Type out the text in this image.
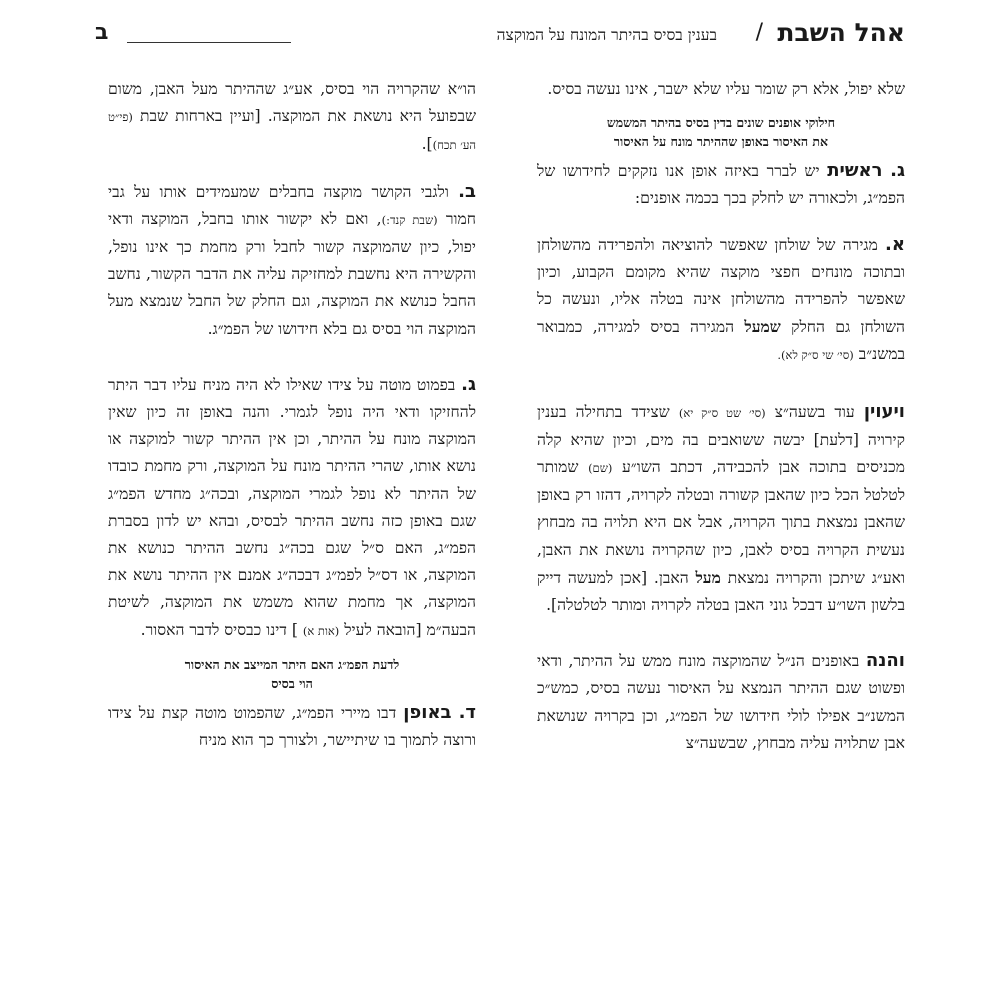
אהל השבת
/
בענין בסיס בהיתר המונח על המוקצה
ב

שלא יפול, אלא רק שומר עליו שלא ישבר, אינו נעשה בסיס.

חילוקי אופנים שונים בדין בסיס בהיתר המשמש
את האיסור באופן שההיתר מונח על האיסור

ג. ראשית יש לברר באיזה אופן אנו נזקקים לחידושו של הפמ״ג, ולכאורה יש לחלק בכך בכמה אופנים:

א. מגירה של שולחן שאפשר להוציאה ולהפרידה מהשולחן ובתוכה מונחים חפצי מוקצה שהיא מקומם הקבוע, וכיון שאפשר להפרידה מהשולחן אינה בטלה אליו, ונעשה כל השולחן גם החלק שמעל המגירה בסיס למגירה, כמבואר במשנ״ב (סי׳ שי ס״ק לא).

ויעוין עוד בשעה״צ (סי׳ שט ס״ק יא) שצידד בתחילה בענין קירויה [דלעת] יבשה ששואבים בה מים, וכיון שהיא קלה מכניסים בתוכה אבן להכבידה, דכתב השו״ע (שם) שמותר לטלטל הכל כיון שהאבן קשורה ובטלה לקרויה, דהזו רק באופן שהאבן נמצאת בתוך הקרויה, אבל אם היא תלויה בה מבחוץ נעשית הקרויה בסיס לאבן, כיון שהקרויה נושאת את האבן, ואע״ג שיתכן והקרויה נמצאת מעל האבן. [אכן למעשה דייק בלשון השו״ע דבכל גוני האבן בטלה לקרויה ומותר לטלטלה].

והנה באופנים הנ״ל שהמוקצה מונח ממש על ההיתר, ודאי ופשוט שגם ההיתר הנמצא על האיסור נעשה בסיס, כמש״כ המשנ״ב אפילו לולי חידושו של הפמ״ג, וכן בקרויה שנושאת אבן שתלויה עליה מבחוץ, שבשעה״צ

הו״א שהקרויה הוי בסיס, אע״ג שההיתר מעל האבן, משום שבפועל היא נושאת את המוקצה. [ועיין בארחות שבת (פי״ט הע׳ תכח)].

ב. ולגבי הקושר מוקצה בחבלים שמעמידים אותו על גבי חמור (שבת קנד:), ואם לא יקשור אותו בחבל, המוקצה ודאי יפול, כיון שהמוקצה קשור לחבל ורק מחמת כך אינו נופל, והקשירה היא נחשבת למחזיקה עליה את הדבר הקשור, נחשב החבל כנושא את המוקצה, וגם החלק של החבל שנמצא מעל המוקצה הוי בסיס גם בלא חידושו של הפמ״ג.

ג. בפמוט מוטה על צידו שאילו לא היה מניח עליו דבר היתר להחזיקו ודאי היה נופל לגמרי. והנה באופן זה כיון שאין המוקצה מונח על ההיתר, וכן אין ההיתר קשור למוקצה או נושא אותו, שהרי ההיתר מונח על המוקצה, ורק מחמת כובדו של ההיתר לא נופל לגמרי המוקצה, ובכה״ג מחדש הפמ״ג שגם באופן כזה נחשב ההיתר לבסיס, ובהא יש לדון בסברת הפמ״ג, האם ס״ל שגם בכה״ג נחשב ההיתר כנושא את המוקצה, או דס״ל לפמ״ג דבכה״ג אמנם אין ההיתר נושא את המוקצה, אך מחמת שהוא משמש את המוקצה, לשיטת הבעה״מ [הובאה לעיל (אות א) ] דינו כבסיס לדבר האסור.

לדעת הפמ״ג האם היתר המייצב את האיסור
הוי בסיס

ד. באופן דבו מיירי הפמ״ג, שהפמוט מוטה קצת על צידו ורוצה לתמוך בו שיתיישר, ולצורך כך הוא מניח
